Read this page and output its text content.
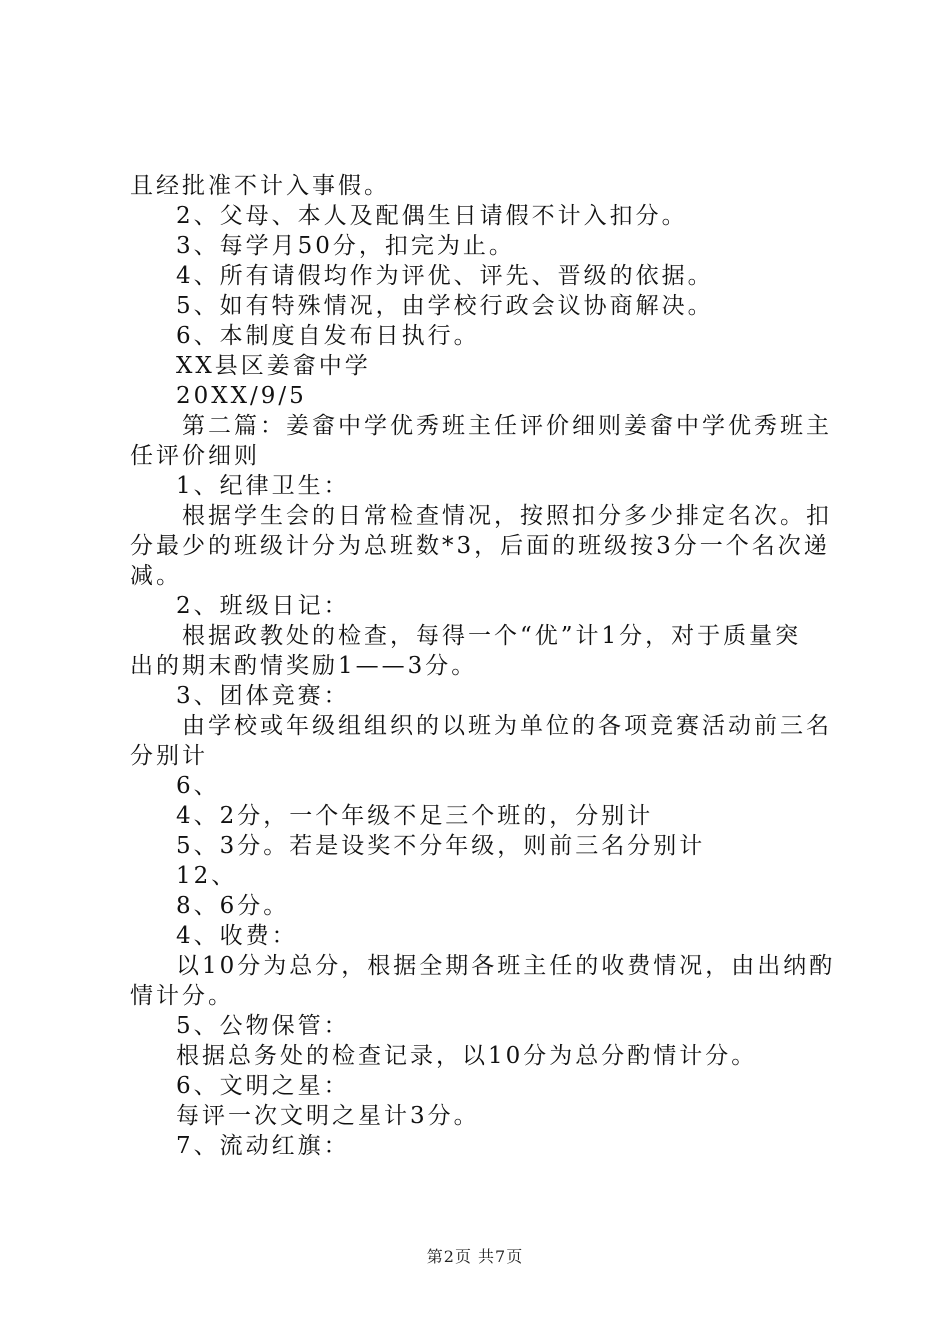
且经批准不计入事假。

2、父母、本人及配偶生日请假不计入扣分。

3、每学月50分，扣完为止。

4、所有请假均作为评优、评先、晋级的依据。

5、如有特殊情况，由学校行政会议协商解决。

6、本制度自发布日执行。

XX县区姜畲中学

20XX/9/5

第二篇：姜畲中学优秀班主任评价细则姜畲中学优秀班主

任评价细则

1、纪律卫生：

根据学生会的日常检查情况，按照扣分多少排定名次。扣

分最少的班级计分为总班数*3，后面的班级按3分一个名次递

减。

2、班级日记：

根据政教处的检查，每得一个“优”计1分，对于质量突

出的期末酌情奖励1——3分。

3、团体竞赛：

由学校或年级组组织的以班为单位的各项竞赛活动前三名

分别计

6、

4、2分，一个年级不足三个班的，分别计

5、3分。若是设奖不分年级，则前三名分别计

12、

8、6分。

4、收费：

以10分为总分，根据全期各班主任的收费情况，由出纳酌

情计分。

5、公物保管：

根据总务处的检查记录，以10分为总分酌情计分。

6、文明之星：

每评一次文明之星计3分。

7、流动红旗：

第2页 共7页
